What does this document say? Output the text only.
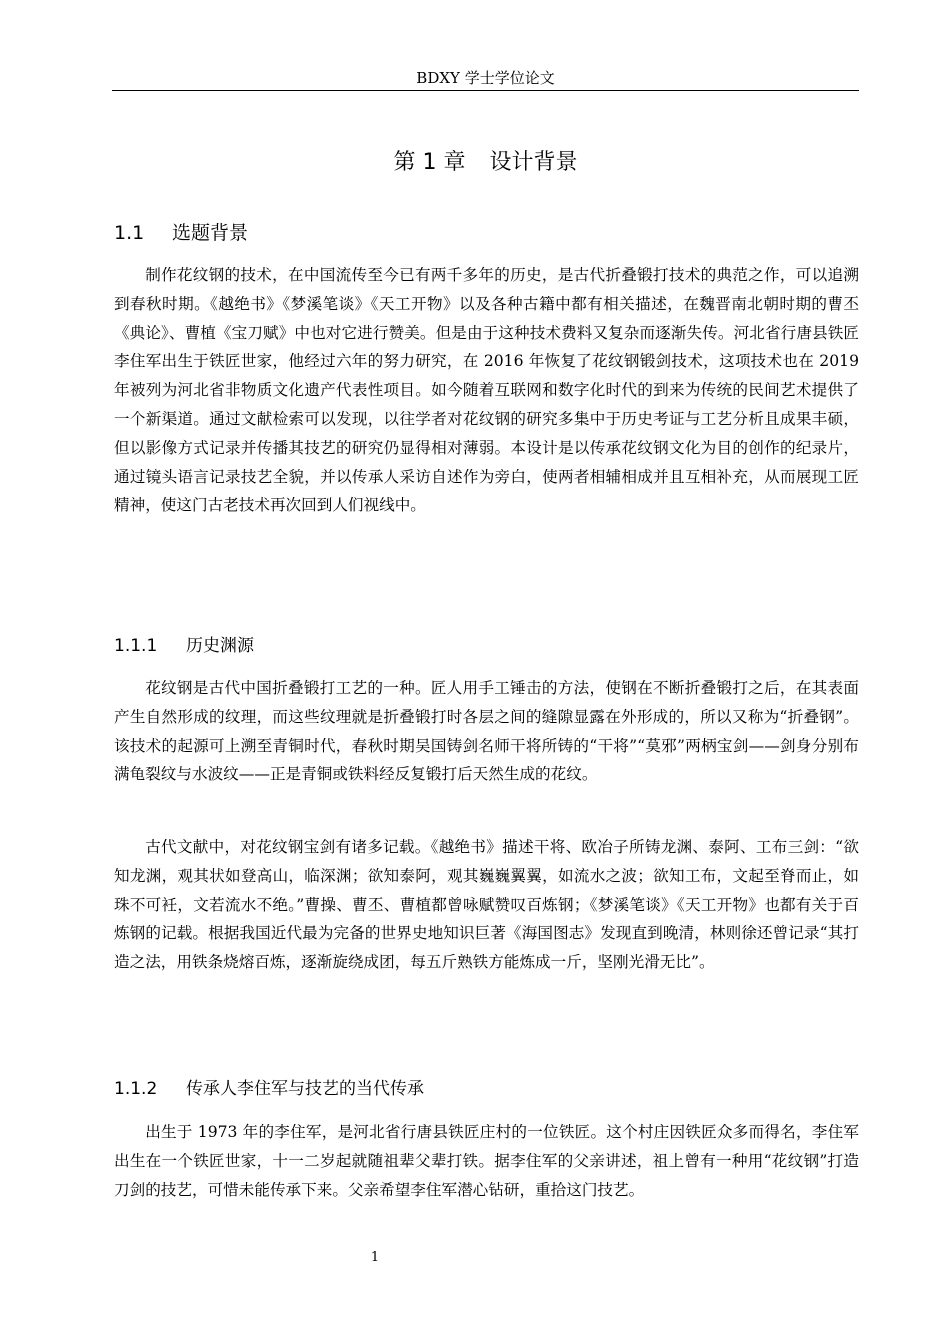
BDXY 学士学位论文
第 1 章 设计背景
1.1 选题背景

制作花纹钢的技术，在中国流传至今已有两千多年的历史，是古代折叠锻打技术的典范之作，可以追溯到春秋时期。《越绝书》《梦溪笔谈》《天工开物》以及各种古籍中都有相关描述，在魏晋南北朝时期的曹丕《典论》、曹植《宝刀赋》中也对它进行赞美。但是由于这种技术费料又复杂而逐渐失传。河北省行唐县铁匠李住军出生于铁匠世家，他经过六年的努力研究，在 2016 年恢复了花纹钢锻剑技术，这项技术也在 2019 年被列为河北省非物质文化遗产代表性项目。如今随着互联网和数字化时代的到来为传统的民间艺术提供了一个新渠道。通过文献检索可以发现，以往学者对花纹钢的研究多集中于历史考证与工艺分析且成果丰硕，但以影像方式记录并传播其技艺的研究仍显得相对薄弱。本设计是以传承花纹钢文化为目的创作的纪录片，通过镜头语言记录技艺全貌，并以传承人采访自述作为旁白，使两者相辅相成并且互相补充，从而展现工匠精神，使这门古老技术再次回到人们视线中。

1.1.1 历史渊源

花纹钢是古代中国折叠锻打工艺的一种。匠人用手工锤击的方法，使钢在不断折叠锻打之后，在其表面产生自然形成的纹理，而这些纹理就是折叠锻打时各层之间的缝隙显露在外形成的，所以又称为“折叠钢”。该技术的起源可上溯至青铜时代，春秋时期吴国铸剑名师干将所铸的“干将”“莫邪”两柄宝剑——剑身分别布满龟裂纹与水波纹——正是青铜或铁料经反复锻打后天然生成的花纹。

古代文献中，对花纹钢宝剑有诸多记载。《越绝书》描述干将、欧冶子所铸龙渊、泰阿、工布三剑：“欲知龙渊，观其状如登高山，临深渊；欲知泰阿，观其巍巍翼翼，如流水之波；欲知工布，文起至脊而止，如珠不可衽，文若流水不绝。”曹操、曹丕、曹植都曾咏赋赞叹百炼钢；《梦溪笔谈》《天工开物》也都有关于百炼钢的记载。根据我国近代最为完备的世界史地知识巨著《海国图志》发现直到晚清，林则徐还曾记录“其打造之法，用铁条烧熔百炼，逐渐旋绕成团，每五斤熟铁方能炼成一斤，坚刚光滑无比”。

1.1.2 传承人李住军与技艺的当代传承

出生于 1973 年的李住军，是河北省行唐县铁匠庄村的一位铁匠。这个村庄因铁匠众多而得名，李住军出生在一个铁匠世家，十一二岁起就随祖辈父辈打铁。据李住军的父亲讲述，祖上曾有一种用“花纹钢”打造刀剑的技艺，可惜未能传承下来。父亲希望李住军潜心钻研，重拾这门技艺。

1
